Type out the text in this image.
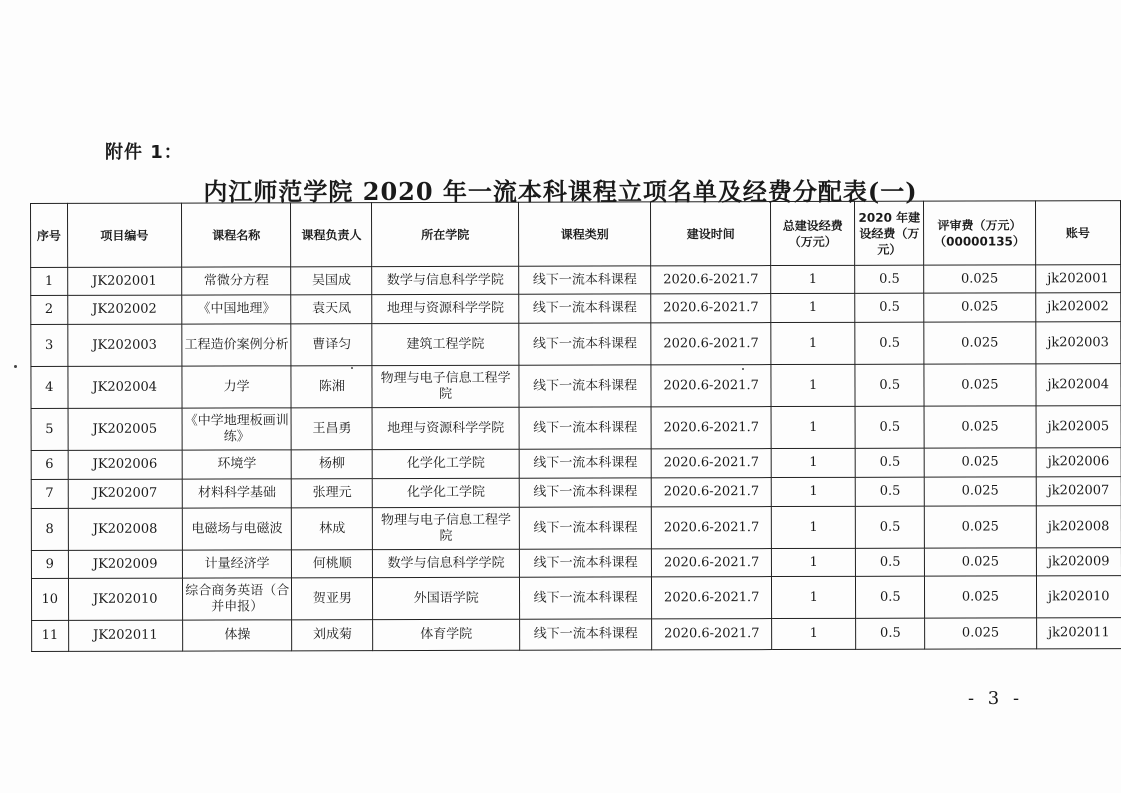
附件 1：
内江师范学院 2020 年一流本科课程立项名单及经费分配表(一)
序号	项目编号	课程名称	课程负责人	所在学院	课程类别	建设时间	总建设经费（万元）	2020 年建设经费（万元）	评审费（万元）（00000135）	账号
1	JK202001	常微分方程	吴国成	数学与信息科学学院	线下一流本科课程	2020.6-2021.7	1	0.5	0.025	jk202001
2	JK202002	《中国地理》	袁天凤	地理与资源科学学院	线下一流本科课程	2020.6-2021.7	1	0.5	0.025	jk202002
3	JK202003	工程造价案例分析	曹译匀	建筑工程学院	线下一流本科课程	2020.6-2021.7	1	0.5	0.025	jk202003
4	JK202004	力学	陈湘	物理与电子信息工程学院	线下一流本科课程	2020.6-2021.7	1	0.5	0.025	jk202004
5	JK202005	《中学地理板画训练》	王昌勇	地理与资源科学学院	线下一流本科课程	2020.6-2021.7	1	0.5	0.025	jk202005
6	JK202006	环境学	杨柳	化学化工学院	线下一流本科课程	2020.6-2021.7	1	0.5	0.025	jk202006
7	JK202007	材料科学基础	张理元	化学化工学院	线下一流本科课程	2020.6-2021.7	1	0.5	0.025	jk202007
8	JK202008	电磁场与电磁波	林成	物理与电子信息工程学院	线下一流本科课程	2020.6-2021.7	1	0.5	0.025	jk202008
9	JK202009	计量经济学	何桃顺	数学与信息科学学院	线下一流本科课程	2020.6-2021.7	1	0.5	0.025	jk202009
10	JK202010	综合商务英语（合并申报）	贺亚男	外国语学院	线下一流本科课程	2020.6-2021.7	1	0.5	0.025	jk202010
11	JK202011	体操	刘成菊	体育学院	线下一流本科课程	2020.6-2021.7	1	0.5	0.025	jk202011
- 3 -
